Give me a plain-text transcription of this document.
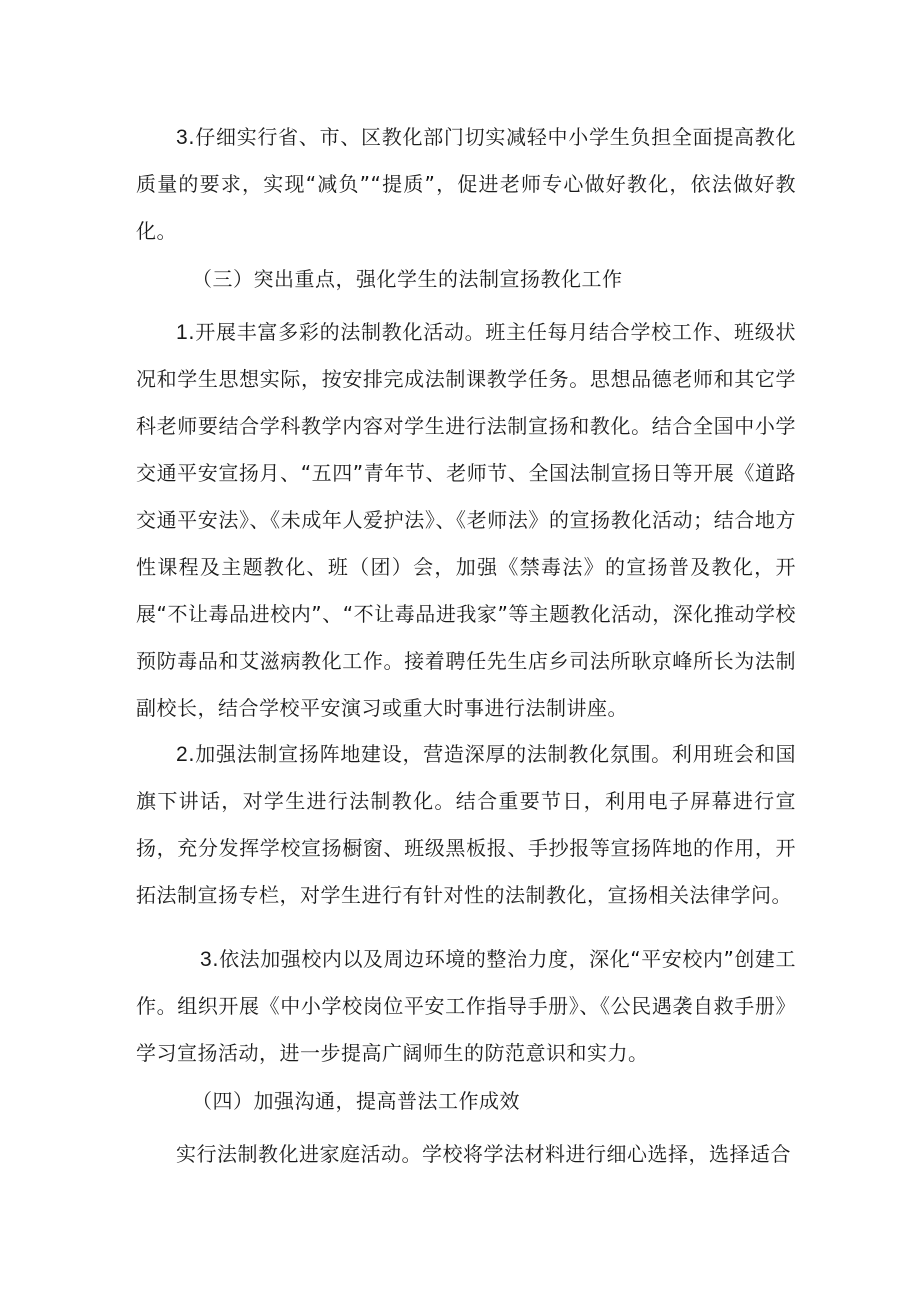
3.仔细实行省、市、区教化部门切实减轻中小学生负担全面提高教化质量的要求，实现“减负”“提质”，促进老师专心做好教化，依法做好教化。

（三）突出重点，强化学生的法制宣扬教化工作

1.开展丰富多彩的法制教化活动。班主任每月结合学校工作、班级状况和学生思想实际，按安排完成法制课教学任务。思想品德老师和其它学科老师要结合学科教学内容对学生进行法制宣扬和教化。结合全国中小学交通平安宣扬月、“五四”青年节、老师节、全国法制宣扬日等开展《道路交通平安法》、《未成年人爱护法》、《老师法》的宣扬教化活动；结合地方性课程及主题教化、班（团）会，加强《禁毒法》的宣扬普及教化，开展“不让毒品进校内”、“不让毒品进我家”等主题教化活动，深化推动学校预防毒品和艾滋病教化工作。接着聘任先生店乡司法所耿京峰所长为法制副校长，结合学校平安演习或重大时事进行法制讲座。

2.加强法制宣扬阵地建设，营造深厚的法制教化氛围。利用班会和国旗下讲话，对学生进行法制教化。结合重要节日，利用电子屏幕进行宣扬，充分发挥学校宣扬橱窗、班级黑板报、手抄报等宣扬阵地的作用，开拓法制宣扬专栏，对学生进行有针对性的法制教化，宣扬相关法律学问。

3.依法加强校内以及周边环境的整治力度，深化“平安校内”创建工作。组织开展《中小学校岗位平安工作指导手册》、《公民遇袭自救手册》学习宣扬活动，进一步提高广阔师生的防范意识和实力。

（四）加强沟通，提高普法工作成效

实行法制教化进家庭活动。学校将学法材料进行细心选择，选择适合
